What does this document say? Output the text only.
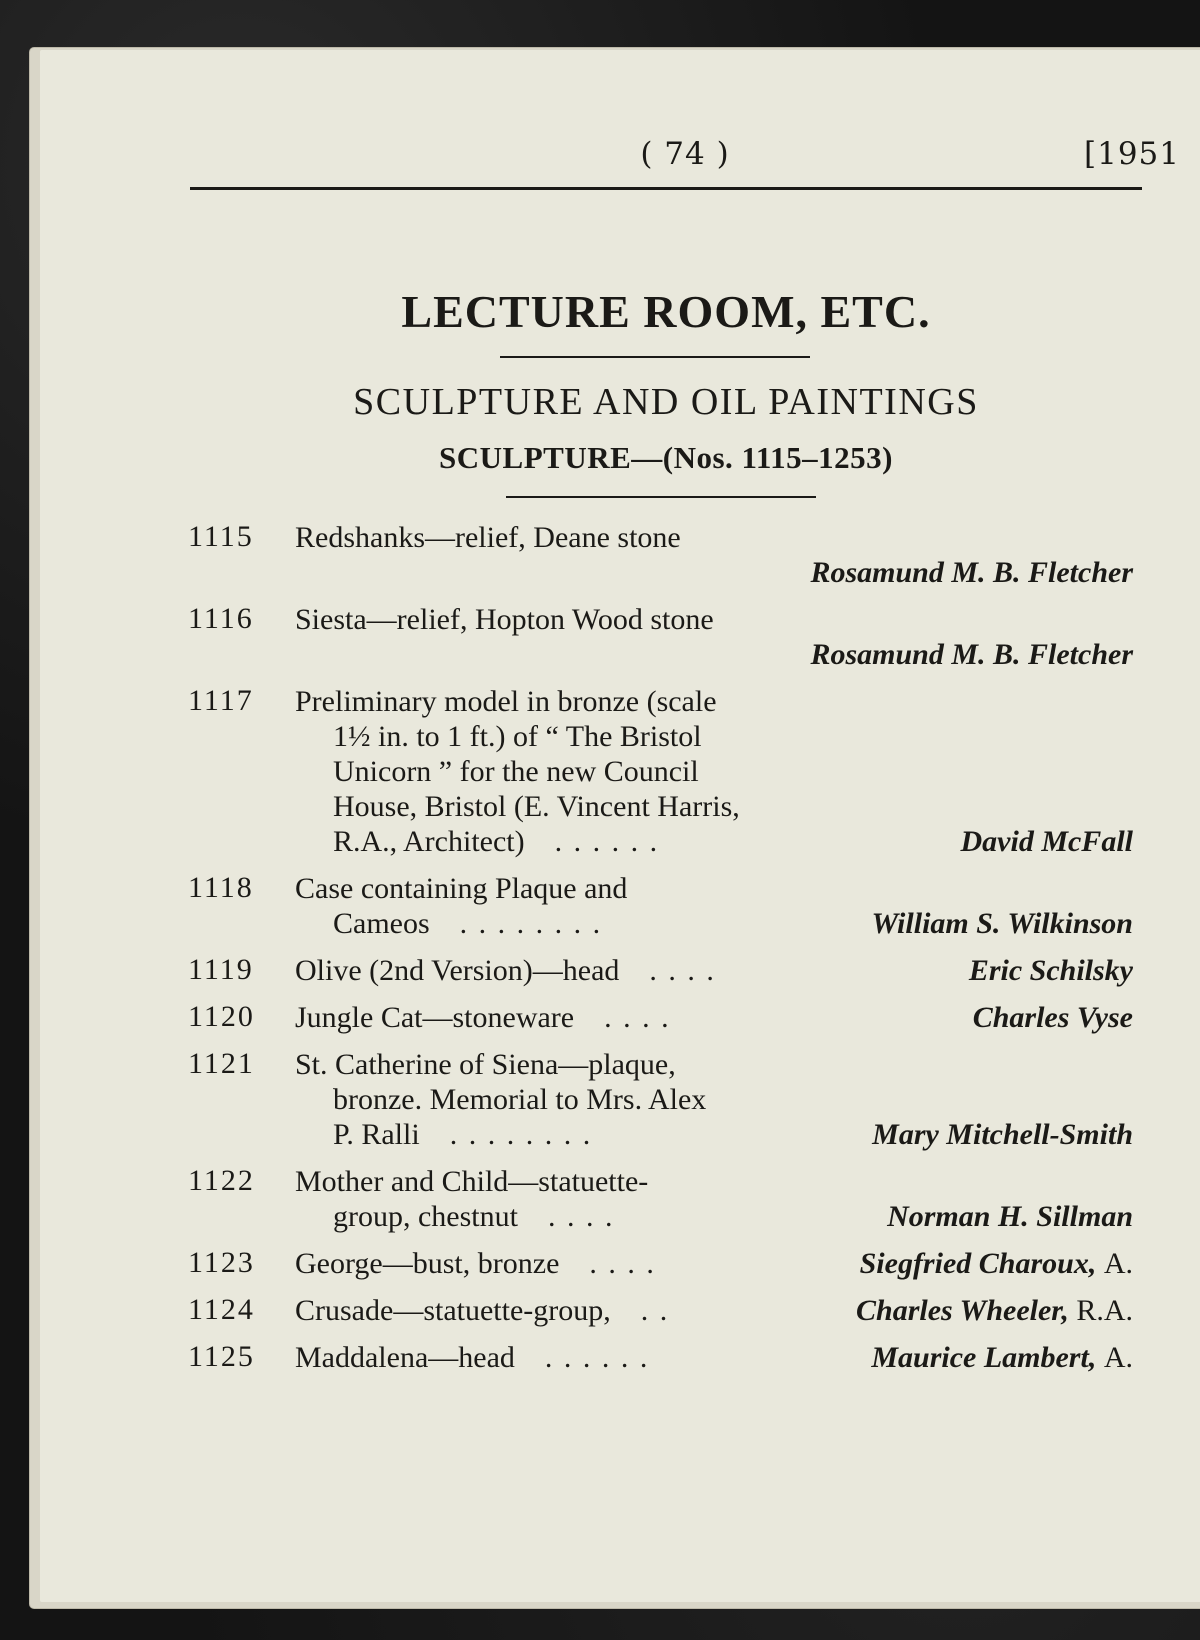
( 74 )	[1951
LECTURE ROOM, ETC.
SCULPTURE AND OIL PAINTINGS
SCULPTURE—(Nos. 1115–1253)
1115	Redshanks—relief, Deane stone
Rosamund M. B. Fletcher
1116	Siesta—relief, Hopton Wood stone
Rosamund M. B. Fletcher
1117	Preliminary model in bronze (scale
1½ in. to 1 ft.) of “ The Bristol
Unicorn ” for the new Council
House, Bristol (E. Vincent Harris,
R.A., Architect) . . . . . .	David McFall
1118	Case containing Plaque and
Cameos . . . . . . . .	William S. Wilkinson
1119	Olive (2nd Version)—head . . . .	Eric Schilsky
1120	Jungle Cat—stoneware . . . .	Charles Vyse
1121	St. Catherine of Siena—plaque,
bronze. Memorial to Mrs. Alex
P. Ralli . . . . . . . .	Mary Mitchell-Smith
1122	Mother and Child—statuette-
group, chestnut . . . .	Norman H. Sillman
1123	George—bust, bronze . . . .	Siegfried Charoux, A.
1124	Crusade—statuette-group, . .	Charles Wheeler, R.A.
1125	Maddalena—head . . . . . .	Maurice Lambert, A.
